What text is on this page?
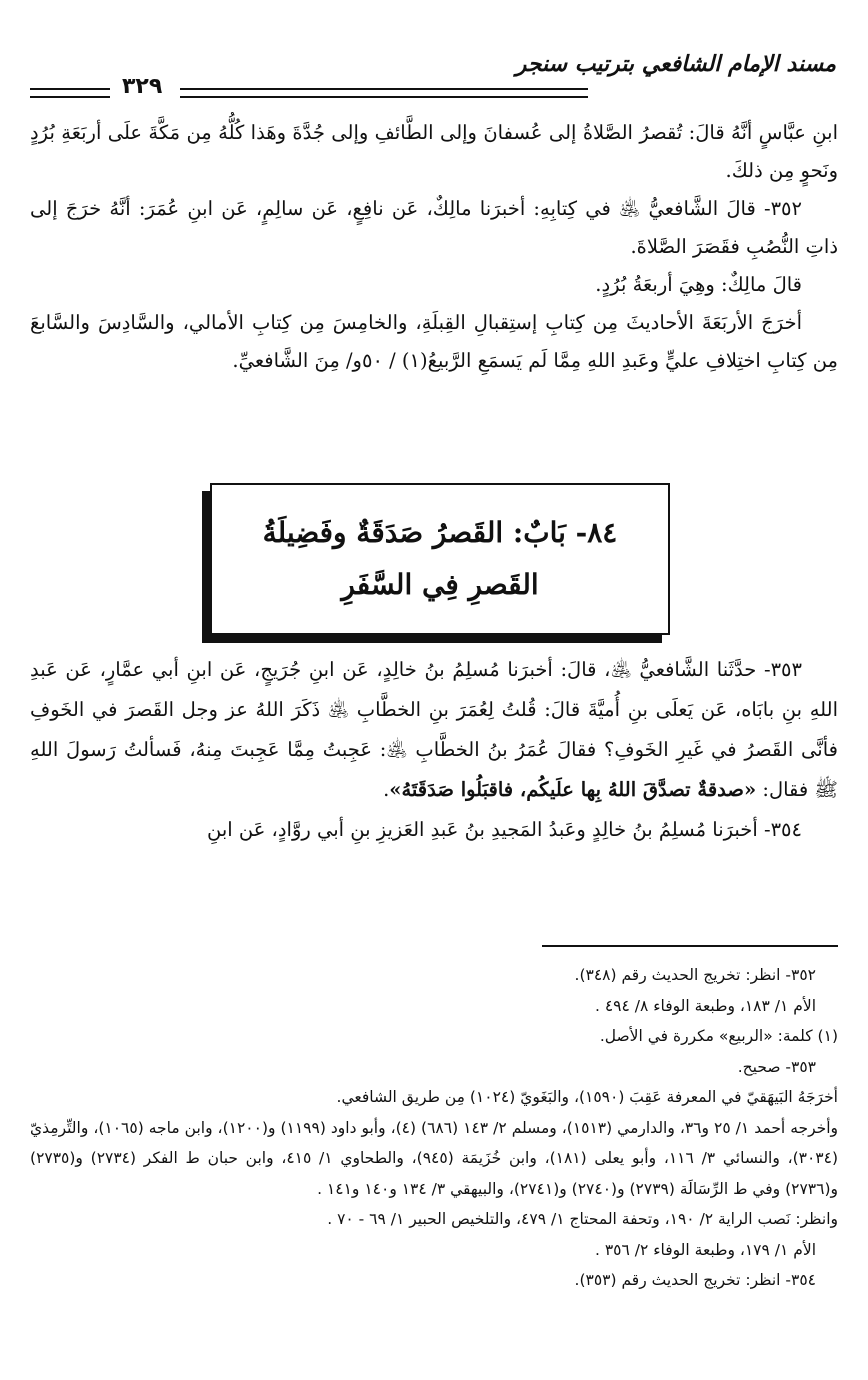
مسند الإمام الشافعي بترتيب سنجر
٣٢٩

ابنِ عبَّاسٍ أنَّهُ قالَ: تُقصرُ الصَّلاةُ إلى عُسفانَ وإلى الطَّائفِ وإلى جُدَّةَ وهَذا كُلُّهُ مِن مَكَّةَ علَى أربَعَةِ بُرُدٍ ونَحوٍ مِن ذلكَ.

٣٥٢- قالَ الشَّافعيُّ ﵁ في كِتابِهِ: أخبرَنا مالِكٌ، عَن نافِعٍ، عَن سالِمٍ، عَن ابنِ عُمَرَ: أنَّهُ خرَجَ إلى ذاتِ النُّصُبِ فقَصَرَ الصَّلاةَ.

قالَ مالِكٌ: وهِيَ أربعَةُ بُرُدٍ.

أخرَجَ الأربَعَةَ الأحاديثَ مِن كِتابِ إستِقبالِ القِبلَةِ، والخامِسَ مِن كِتابِ الأمالي، والسَّادِسَ والسَّابعَ مِن كِتابِ اختِلافِ عليٍّ وعَبدِ اللهِ مِمَّا لَم يَسمَعِ الرَّبيعُ(١) / ٥٠و/ مِنَ الشَّافعيِّ.

٨٤- بَابٌ: القَصرُ صَدَقَةٌ وفَضِيلَةُ القَصرِ فِي السَّفَرِ

٣٥٣- حدَّثَنا الشَّافعيُّ ﵁، قالَ: أخبرَنا مُسلِمُ بنُ خالِدٍ، عَن ابنِ جُرَيجٍ، عَن ابنِ أبي عمَّارٍ، عَن عَبدِ اللهِ بنِ بابَاه، عَن يَعلَى بنِ أُميَّةَ قالَ: قُلتُ لِعُمَرَ بنِ الخطَّابِ ﵁ ذَكَرَ اللهُ عز وجل القَصرَ في الخَوفِ فأنَّى القَصرُ في غَيرِ الخَوفِ؟ فقالَ عُمَرُ بنُ الخطَّابِ ﵁: عَجِبتُ مِمَّا عَجِبتَ مِنهُ، فَسألتُ رَسولَ اللهِ ﷺ فقال: «صدقةٌ تصدَّقَ اللهُ بِها علَيكُم، فاقبَلُوا صَدَقَتَهُ».

٣٥٤- أخبرَنا مُسلِمُ بنُ خالِدٍ وعَبدُ المَجيدِ بنُ عَبدِ العَزيزِ بنِ أبي روَّادٍ، عَن ابنِ

٣٥٢- انظر: تخريج الحديث رقم (٣٤٨).

الأم ١/ ١٨٣، وطبعة الوفاء ٨/ ٤٩٤ .

(١) كلمة: «الربيع» مكررة في الأصل.

٣٥٣- صحيح.

أخرَجَهُ البَيهَقيّ في المعرفة عَقِبَ (١٥٩٠)، والبَغَويّ (١٠٢٤) مِن طريق الشافعي.

وأخرجه أحمد ١/ ٢٥ و٣٦، والدارمي (١٥١٣)، ومسلم ٢/ ١٤٣ (٦٨٦) (٤)، وأبو داود (١١٩٩) و(١٢٠٠)، وابن ماجه (١٠٦٥)، والتِّرمِذيّ (٣٠٣٤)، والنسائي ٣/ ١١٦، وأبو يعلى (١٨١)، وابن خُزَيمَة (٩٤٥)، والطحاوي ١/ ٤١٥، وابن حبان ط الفكر (٢٧٣٤) و(٢٧٣٥) و(٢٧٣٦) وفي ط الرِّسَالَة (٢٧٣٩) و(٢٧٤٠) و(٢٧٤١)، والبيهقي ٣/ ١٣٤ و١٤٠ و١٤١ .

وانظر: نَصب الراية ٢/ ١٩٠، وتحفة المحتاج ١/ ٤٧٩، والتلخيص الحبير ١/ ٦٩ - ٧٠ .

الأم ١/ ١٧٩، وطبعة الوفاء ٢/ ٣٥٦ .

٣٥٤- انظر: تخريج الحديث رقم (٣٥٣).
